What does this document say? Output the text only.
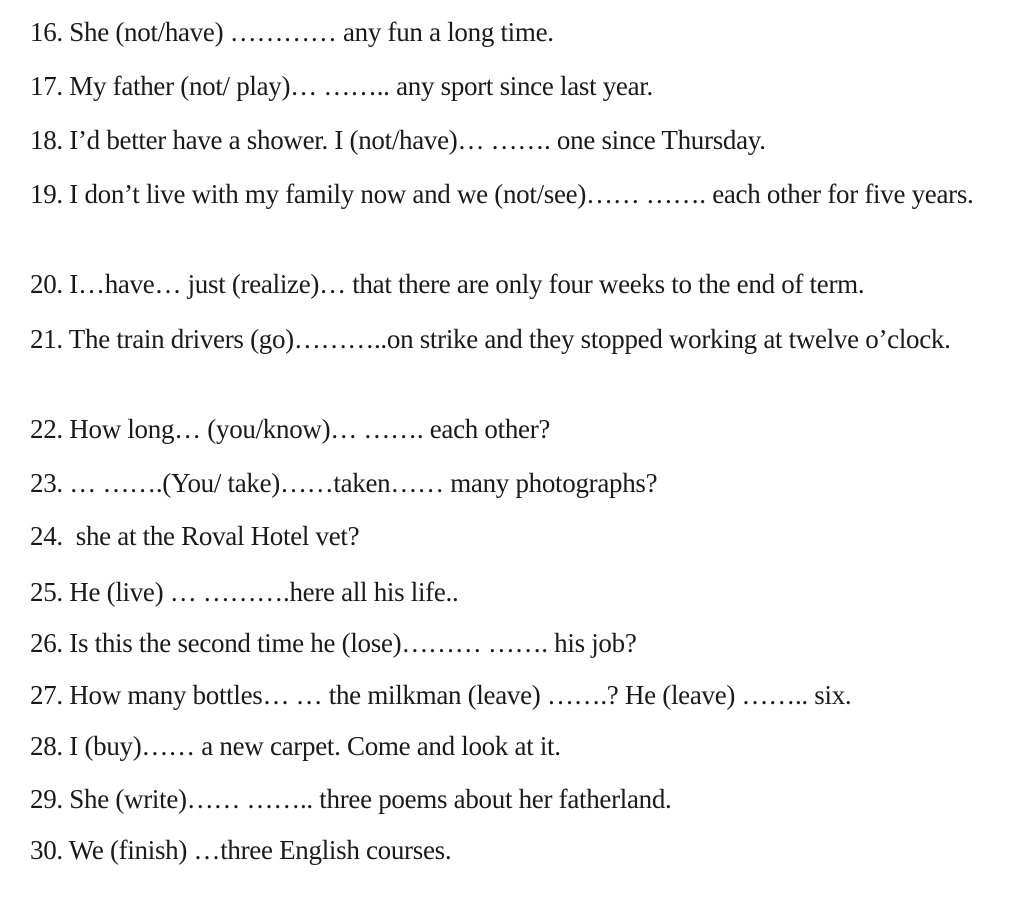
16. She (not/have) ………… any fun a long time.

17. My father (not/ play)… …….. any sport since last year.

18. I’d better have a shower. I (not/have)… ……. one since Thursday.

19. I don’t live with my family now and we (not/see)…… ……. each other for five years.

20. I…have… just (realize)… that there are only four weeks to the end of term.

21. The train drivers (go)………..on strike and they stopped working at twelve o’clock.

22. How long… (you/know)… ……. each other?

23. … …….(You/ take)……taken…… many photographs?

24.  she at the Roval Hotel vet?

25. He (live) … ……….here all his life..

26. Is this the second time he (lose)……… ……. his job?

27. How many bottles… … the milkman (leave) …….? He (leave) …….. six.

28. I (buy)…… a new carpet. Come and look at it.

29. She (write)…… …….. three poems about her fatherland.

30. We (finish) …three English courses.
